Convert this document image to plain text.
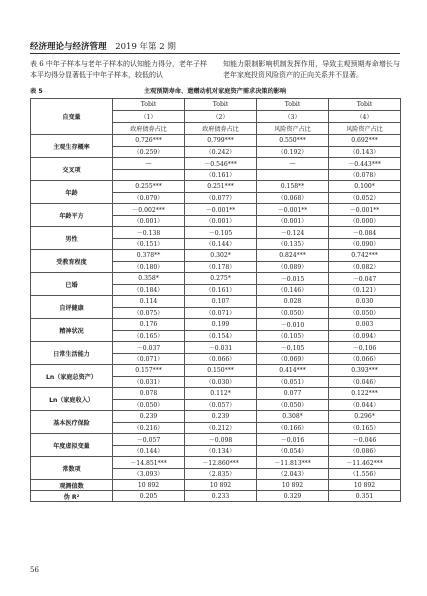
经济理论与经济管理 2019 年第 2 期
表 6 中年子样本与老年子样本的认知能力得分，老年子样本平均得分显著低于中年子样本，较低的认
知能力限制影响机制发挥作用，导致主观预期寿命增长与老年家庭投资风险资产的正向关系并不显著。
表 5	主观预期寿命、遗赠动机对家庭资产需求决策的影响
自变量	Tobit	Tobit	Tobit	Tobit
	（1）	（2）	（3）	（4）
	政府债券占比	政府债券占比	风险资产占比	风险资产占比
主观生存概率	0.726***	0.799***	0.550***	0.692***
	（0.259）	（0.242）	（0.192）	（0.143）
交叉项	—	－0.546***	—	－0.443***
		（0.161）		（0.078）
年龄	0.255***	0.251***	0.158**	0.100*
	（0.079）	（0.077）	（0.068）	（0.052）
年龄平方	－0.002***	－0.001**	－0.001**	－0.001**
	（0.001）	（0.001）	（0.001）	（0.000）
男性	－0.138	－0.105	－0.124	－0.084
	（0.151）	（0.144）	（0.135）	（0.090）
受教育程度	0.378**	0.302*	0.824***	0.742***
	（0.180）	（0.178）	（0.089）	（0.082）
已婚	0.358*	0.275*	－0.015	－0.047
	（0.184）	（0.161）	（0.146）	（0.121）
自评健康	0.114	0.107	0.028	0.030
	（0.075）	（0.071）	（0.050）	（0.050）
精神状况	0.176	0.199	－0.010	0.003
	（0.165）	（0.154）	（0.105）	（0.094）
日常生活能力	－0.037	－0.031	－0.105	－0.106
	（0.071）	（0.066）	（0.069）	（0.066）
Ln（家庭总资产）	0.157***	0.150***	0.414***	0.393***
	（0.031）	（0.030）	（0.051）	（0.046）
Ln（家庭收入）	0.078	0.112*	0.077	0.122***
	（0.050）	（0.057）	（0.050）	（0.044）
基本医疗保险	0.239	0.239	0.308*	0.296*
	（0.216）	（0.212）	（0.166）	（0.165）
年度虚拟变量	－0.057	－0.098	－0.016	－0.046
	（0.144）	（0.134）	（0.054）	（0.086）
常数项	－14.851***	－12.860***	－11.813***	－11.462***
	（3.093）	（2.835）	（2.043）	（1.556）
观测值数	10 892	10 892	10 892	10 892
伪 R²	0.205	0.233	0.329	0.351
56
